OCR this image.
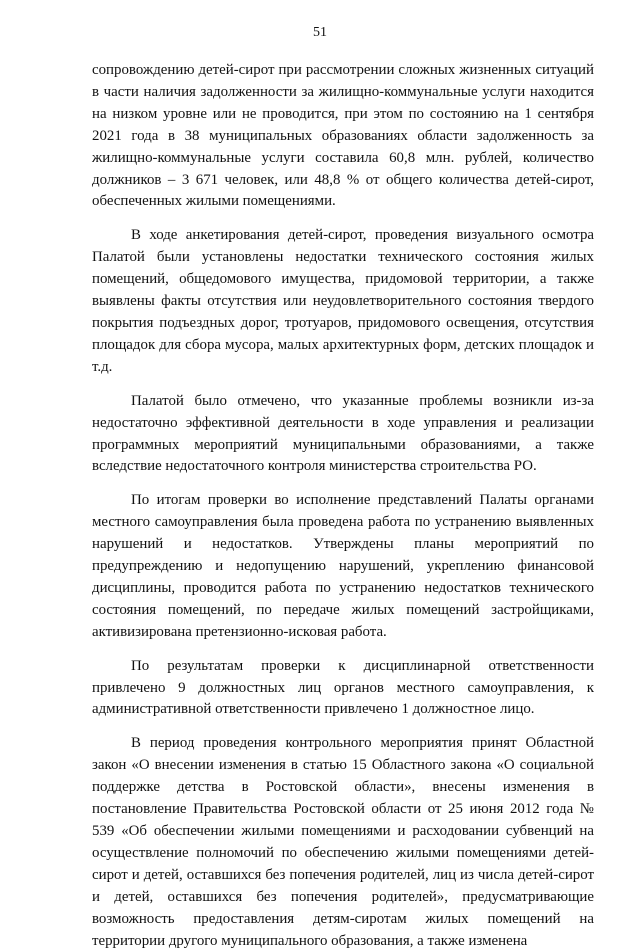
51

сопровождению детей-сирот при рассмотрении сложных жизненных ситуаций в части наличия задолженности за жилищно-коммунальные услуги находится на низком уровне или не проводится, при этом по состоянию на 1 сентября 2021 года в 38 муниципальных образованиях области задолженность за жилищно-коммунальные услуги составила 60,8 млн. рублей, количество должников – 3 671 человек, или 48,8 % от общего количества детей-сирот, обеспеченных жилыми помещениями.

В ходе анкетирования детей-сирот, проведения визуального осмотра Палатой были установлены недостатки технического состояния жилых помещений, общедомового имущества, придомовой территории, а также выявлены факты отсутствия или неудовлетворительного состояния твердого покрытия подъездных дорог, тротуаров, придомового освещения, отсутствия площадок для сбора мусора, малых архитектурных форм, детских площадок и т.д.

Палатой было отмечено, что указанные проблемы возникли из-за недостаточно эффективной деятельности в ходе управления и реализации программных мероприятий муниципальными образованиями, а также вследствие недостаточного контроля министерства строительства РО.

По итогам проверки во исполнение представлений Палаты органами местного самоуправления была проведена работа по устранению выявленных нарушений и недостатков. Утверждены планы мероприятий по предупреждению и недопущению нарушений, укреплению финансовой дисциплины, проводится работа по устранению недостатков технического состояния помещений, по передаче жилых помещений застройщиками, активизирована претензионно-исковая работа.

По результатам проверки к дисциплинарной ответственности привлечено 9 должностных лиц органов местного самоуправления, к административной ответственности привлечено 1 должностное лицо.

В период проведения контрольного мероприятия принят Областной закон «О внесении изменения в статью 15 Областного закона «О социальной поддержке детства в Ростовской области», внесены изменения в постановление Правительства Ростовской области от 25 июня 2012 года № 539 «Об обеспечении жилыми помещениями и расходовании субвенций на осуществление полномочий по обеспечению жилыми помещениями детей-сирот и детей, оставшихся без попечения родителей, лиц из числа детей-сирот и детей, оставшихся без попечения родителей», предусматривающие возможность предоставления детям-сиротам жилых помещений на территории другого муниципального образования, а также изменена
